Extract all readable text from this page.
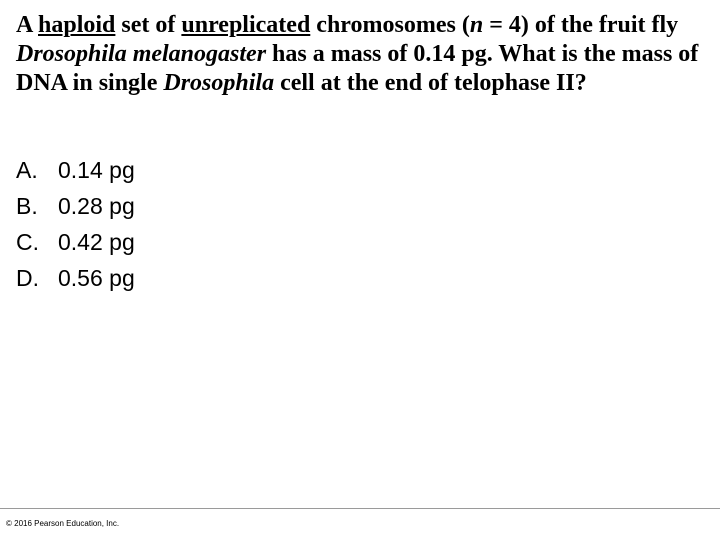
A haploid set of unreplicated chromosomes (n = 4) of the fruit fly Drosophila melanogaster has a mass of 0.14 pg. What is the mass of DNA in single Drosophila cell at the end of telophase II?
A. 0.14 pg
B. 0.28 pg
C. 0.42 pg
D. 0.56 pg
© 2016 Pearson Education, Inc.
